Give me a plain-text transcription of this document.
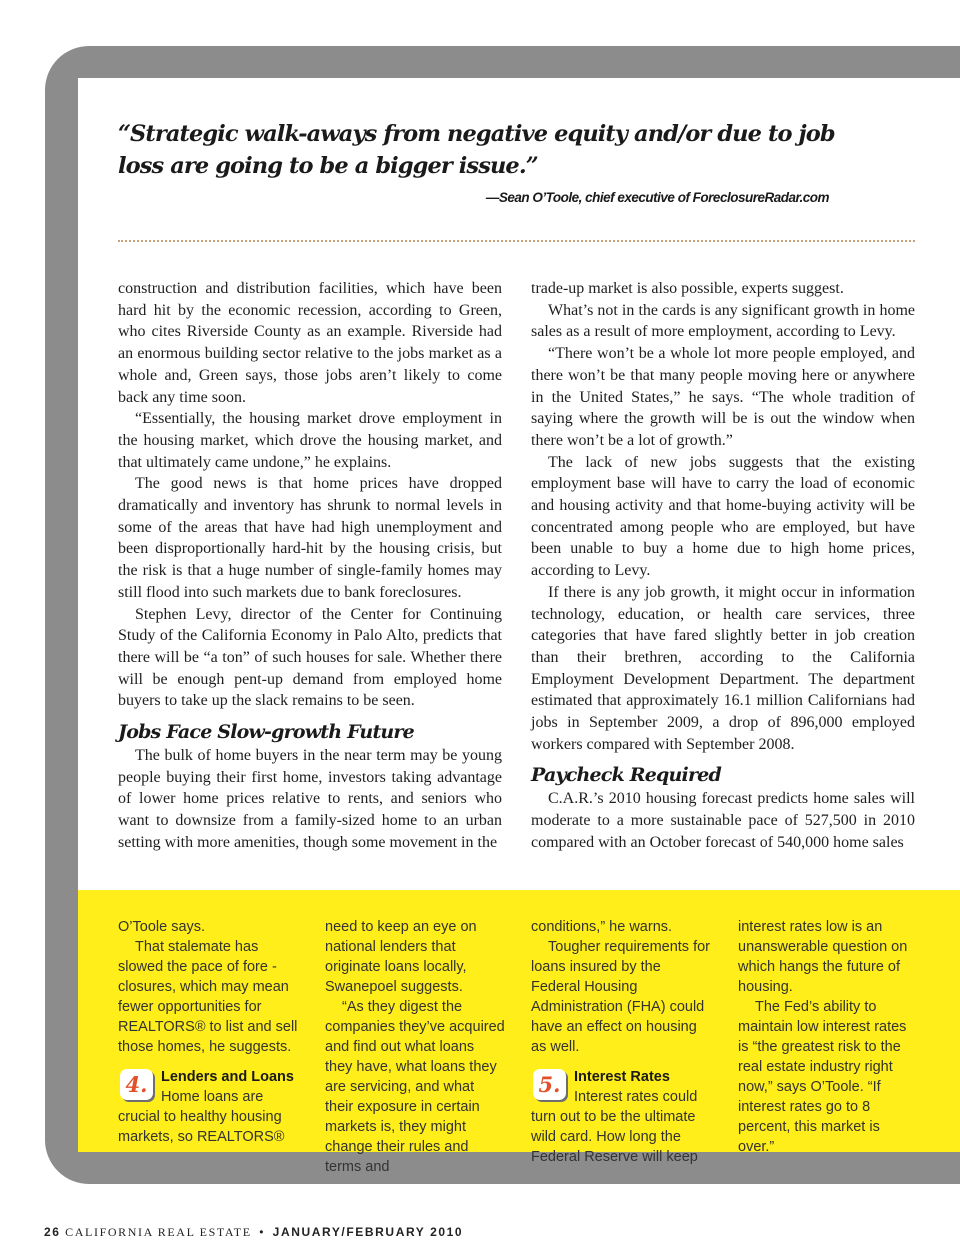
“Strategic walk-aways from negative equity and/or due to job loss are going to be a bigger issue.”
—Sean O’Toole, chief executive of ForeclosureRadar.com

construction and distribution facilities, which have been hard hit by the economic recession, according to Green, who cites Riverside County as an example. Riverside had an enormous building sector relative to the jobs market as a whole and, Green says, those jobs aren’t likely to come back any time soon.

“Essentially, the housing market drove employment in the housing market, which drove the housing market, and that ultimately came undone,” he explains.

The good news is that home prices have dropped dramatically and inventory has shrunk to normal levels in some of the areas that have had high unemployment and been disproportionally hard-hit by the housing crisis, but the risk is that a huge number of single-family homes may still flood into such markets due to bank foreclosures.

Stephen Levy, director of the Center for Continuing Study of the California Economy in Palo Alto, predicts that there will be “a ton” of such houses for sale. Whether there will be enough pent-up demand from employed home buyers to take up the slack remains to be seen.

Jobs Face Slow-growth Future

The bulk of home buyers in the near term may be young people buying their first home, investors taking advantage of lower home prices relative to rents, and seniors who want to downsize from a family-sized home to an urban setting with more amenities, though some movement in the

trade-up market is also possible, experts suggest.

What’s not in the cards is any significant growth in home sales as a result of more employment, according to Levy.

“There won’t be a whole lot more people employed, and there won’t be that many people moving here or anywhere in the United States,” he says. “The whole tradition of saying where the growth will be is out the window when there won’t be a lot of growth.”

The lack of new jobs suggests that the existing employment base will have to carry the load of economic and housing activity and that home-buying activity will be concentrated among people who are employed, but have been unable to buy a home due to high home prices, according to Levy.

If there is any job growth, it might occur in information technology, education, or health care services, three categories that have fared slightly better in job creation than their brethren, according to the California Employment Development Department. The department estimated that approximately 16.1 million Californians had jobs in September 2009, a drop of 896,000 employed workers compared with September 2008.

Paycheck Required

C.A.R.’s 2010 housing forecast predicts home sales will moderate to a more sustainable pace of 527,500 in 2010 compared with an October forecast of 540,000 home sales

O’Toole says.

That stalemate has slowed the pace of fore - closures, which may mean fewer opportunities for REALTORS® to list and sell those homes, he suggests.

4. Lenders and Loans
Home loans are crucial to healthy housing markets, so REALTORS®

need to keep an eye on national lenders that originate loans locally, Swanepoel suggests.

“As they digest the companies they’ve acquired and find out what loans they have, what loans they are servicing, and what their exposure in certain markets is, they might change their rules and terms and

conditions,” he warns.

Tougher requirements for loans insured by the Federal Housing Administration (FHA) could have an effect on housing as well.

5. Interest Rates
Interest rates could turn out to be the ultimate wild card. How long the Federal Reserve will keep

interest rates low is an unanswerable question on which hangs the future of housing.

The Fed’s ability to maintain low interest rates is “the greatest risk to the real estate industry right now,” says O’Toole. “If interest rates go to 8 percent, this market is over.”

26 CALIFORNIA REAL ESTATE • JANUARY/FEBRUARY 2010
